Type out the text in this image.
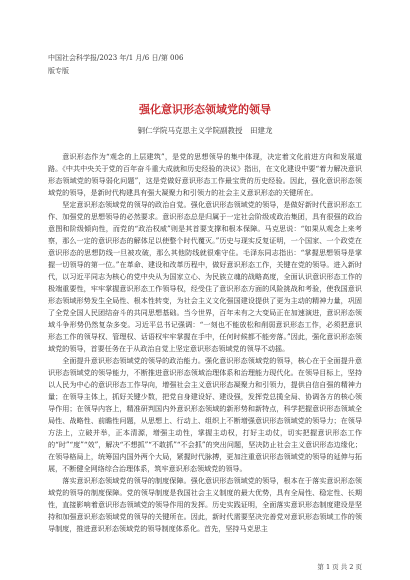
中国社会科学报/2023 年/1 月/6 日/第 006
版专版
强化意识形态领域党的领导
铜仁学院马克思主义学院副教授　田建龙

意识形态作为“观念的上层建筑”，是党的思想领导的集中体现，决定着文化前进方向和发展道路。《中共中央关于党的百年奋斗重大成就和历史经验的决议》指出，在文化建设中要“着力解决意识形态领域党的领导弱化问题”，这是党做好意识形态工作最宝贵的历史经验。因此，强化意识形态领域党的领导，是新时代构建具有强大凝聚力和引领力的社会主义意识形态的关键所在。

坚定意识形态领域党的领导的政治自觉。强化意识形态领域党的领导，是做好新时代意识形态工作、加强党的思想领导的必然要求。意识形态总是归属于一定社会阶级或政治集团，具有很强的政治意图和阶级倾向性，而党的“政治权威”则是其首要支撑和根本保障。马克思说：“如果从观念上来考察，那么一定的意识形态的解体足以使整个时代覆灭。”历史与现实反复证明，一个国家、一个政党在意识形态的思想防线一旦被攻破，那么其他防线就很难守住。毛泽东同志指出：“掌握思想领导是掌握一切领导的第一位。”在革命、建设和改革历程中，做好意识形态工作，关键在党的领导。进入新时代，以习近平同志为核心的党中央从为国家立心、为民族立魂的战略高度，全面认识意识形态工作的极端重要性，牢牢掌握意识形态工作领导权，经受住了意识形态方面的风险挑战和考验，使我国意识形态领域形势发生全局性、根本性转变，为社会主义文化强国建设提供了更为主动的精神力量，巩固了全党全国人民团结奋斗的共同思想基础。当今世界，百年未有之大变局正在加速演进，意识形态领域斗争形势仍然复杂多变。习近平总书记强调：“一刻也不能放松和削弱意识形态工作，必须把意识形态工作的领导权、管理权、话语权牢牢掌握在手中，任何时候都不能旁落。”因此，强化意识形态领域党的领导，首要任务在于从政治自觉上坚定意识形态领域党的领导不动摇。

全面提升意识形态领域党的领导的政治能力。强化意识形态领域党的领导，核心在于全面提升意识形态领域党的领导能力，不断推进意识形态领域治理体系和治理能力现代化。在领导目标上，坚持以人民为中心的意识形态工作导向，增强社会主义意识形态凝聚力和引领力，提供自信自强的精神力量；在领导主体上，抓好关键少数，把党自身建设好、建设强，发挥党总揽全局、协调各方的核心领导作用；在领导内容上，精准研判国内外意识形态领域的新形势和新特点，科学把握意识形态领域全局性、战略性、前瞻性问题，从思想上、行动上、组织上不断增强意识形态领域党的领导力；在领导方法上，立破并举，正本清源，增强主动性，掌握主动权，打好主动仗，切实把握意识形态工作的“时”“度”“效”，解决“不想抓”“不敢抓”“不会抓”的突出问题，坚决防止社会主义意识形态边缘化；在领导格局上，统筹国内国外两个大局，紧握时代脉搏，更加注重意识形态领域党的领导的延伸与拓展，不断健全网络综合治理体系，筑牢意识形态领域党的领导。

落实意识形态领域党的领导的制度保障。强化意识形态领域党的领导，根本在于落实意识形态领域党的领导的制度保障。党的领导制度是我国社会主义制度的最大优势，具有全局性、稳定性、长期性，直接影响着意识形态领域党的领导作用的发挥。历史实践证明，全面落实意识形态制度建设是坚持和加强意识形态领域党的领导的关键所在。因此，新时代需要坚决完善党对意识形态领域工作的领导制度，推进意识形态领域党的领导制度体系化。首先，坚持马克思主

第 1 页 共 2 页
